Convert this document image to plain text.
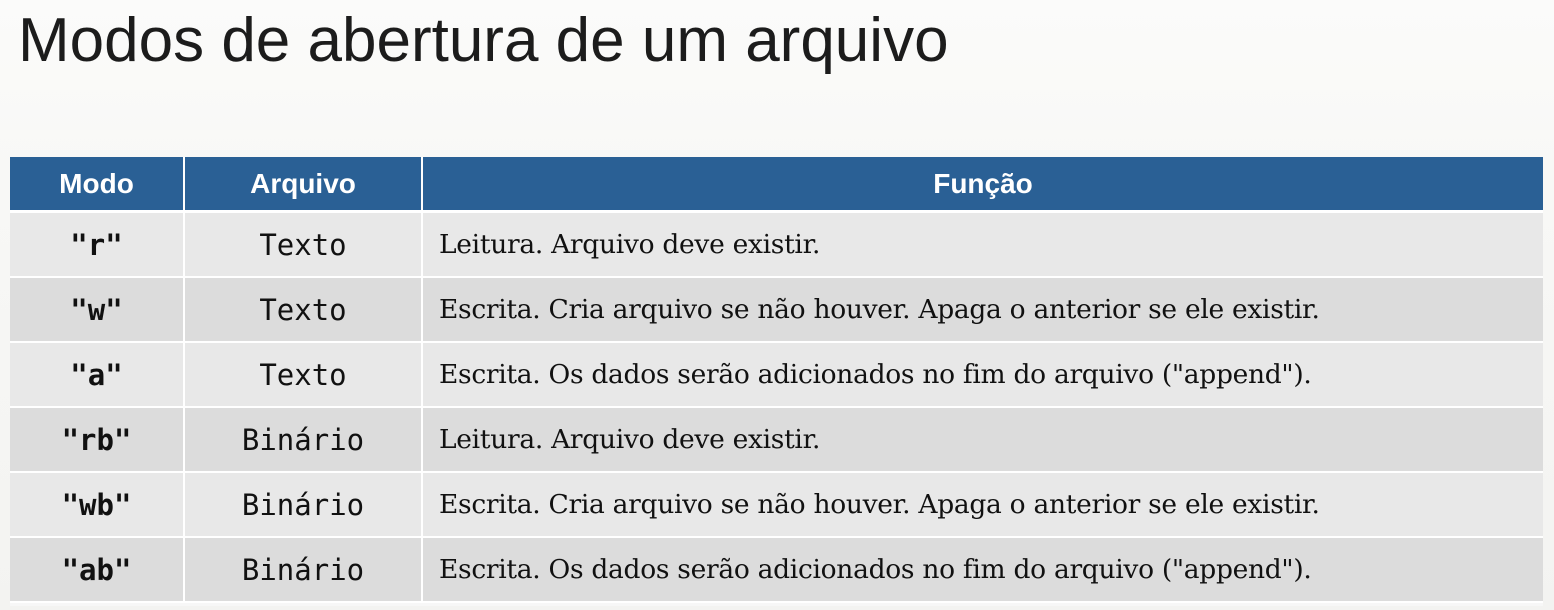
Modos de abertura de um arquivo
Modo	Arquivo	Função
"r"	Texto	Leitura. Arquivo deve existir.
"w"	Texto	Escrita. Cria arquivo se não houver. Apaga o anterior se ele existir.
"a"	Texto	Escrita. Os dados serão adicionados no fim do arquivo ("append").
"rb"	Binário	Leitura. Arquivo deve existir.
"wb"	Binário	Escrita. Cria arquivo se não houver. Apaga o anterior se ele existir.
"ab"	Binário	Escrita. Os dados serão adicionados no fim do arquivo ("append").
